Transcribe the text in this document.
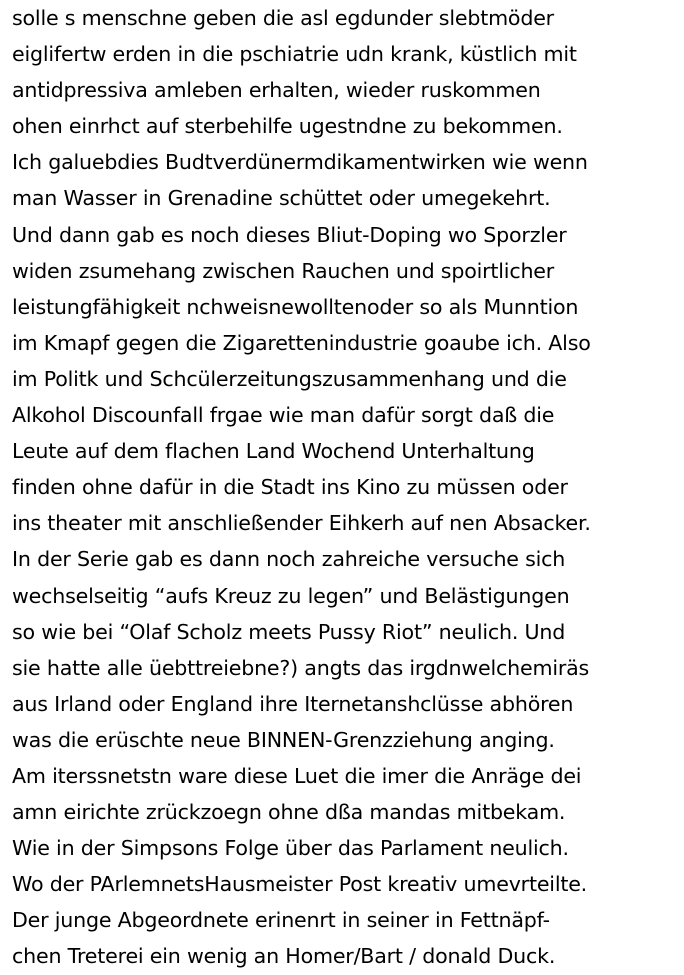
solle s menschne geben die asl egdunder slebtmöder
eiglifertw erden in die pschiatrie udn krank, küstlich mit
antidpressiva amleben erhalten, wieder ruskommen
ohen einrhct auf sterbehilfe ugestndne zu bekommen.
Ich galuebdies Budtverdünermdikamentwirken wie wenn
man Wasser in Grenadine schüttet oder umegekehrt.
Und dann gab es noch dieses Bliut-Doping wo Sporzler
widen zsumehang zwischen Rauchen und spoirtlicher
leistungfähigkeit nchweisnewolltenoder so als Munntion
im Kmapf gegen die Zigarettenindustrie goaube ich. Also
im Politk und Schcülerzeitungszusammenhang und die
Alkohol Discounfall frgae wie man dafür sorgt daß die
Leute auf dem flachen Land Wochend Unterhaltung
finden ohne dafür in die Stadt ins Kino zu müssen oder
ins theater mit anschließender Eihkerh auf nen Absacker.
In der Serie gab es dann noch zahreiche versuche sich
wechselseitig “aufs Kreuz zu legen” und Belästigungen
so wie bei “Olaf Scholz meets Pussy Riot” neulich. Und
sie hatte alle üebttreiebne?) angts das irgdnwelchemiräs
aus Irland oder England ihre Iternetanshclüsse abhören
was die erüschte neue BINNEN-Grenzziehung anging.
Am iterssnetstn ware diese Luet die imer die Anräge dei
amn eirichte zrückzoegn ohne dßa mandas mitbekam.
Wie in der Simpsons Folge über das Parlament neulich.
Wo der PArlemnetsHausmeister Post kreativ umevrteilte.
Der junge Abgeordnete erinenrt in seiner in Fettnäpf-
chen Treterei ein wenig an Homer/Bart / donald Duck.
